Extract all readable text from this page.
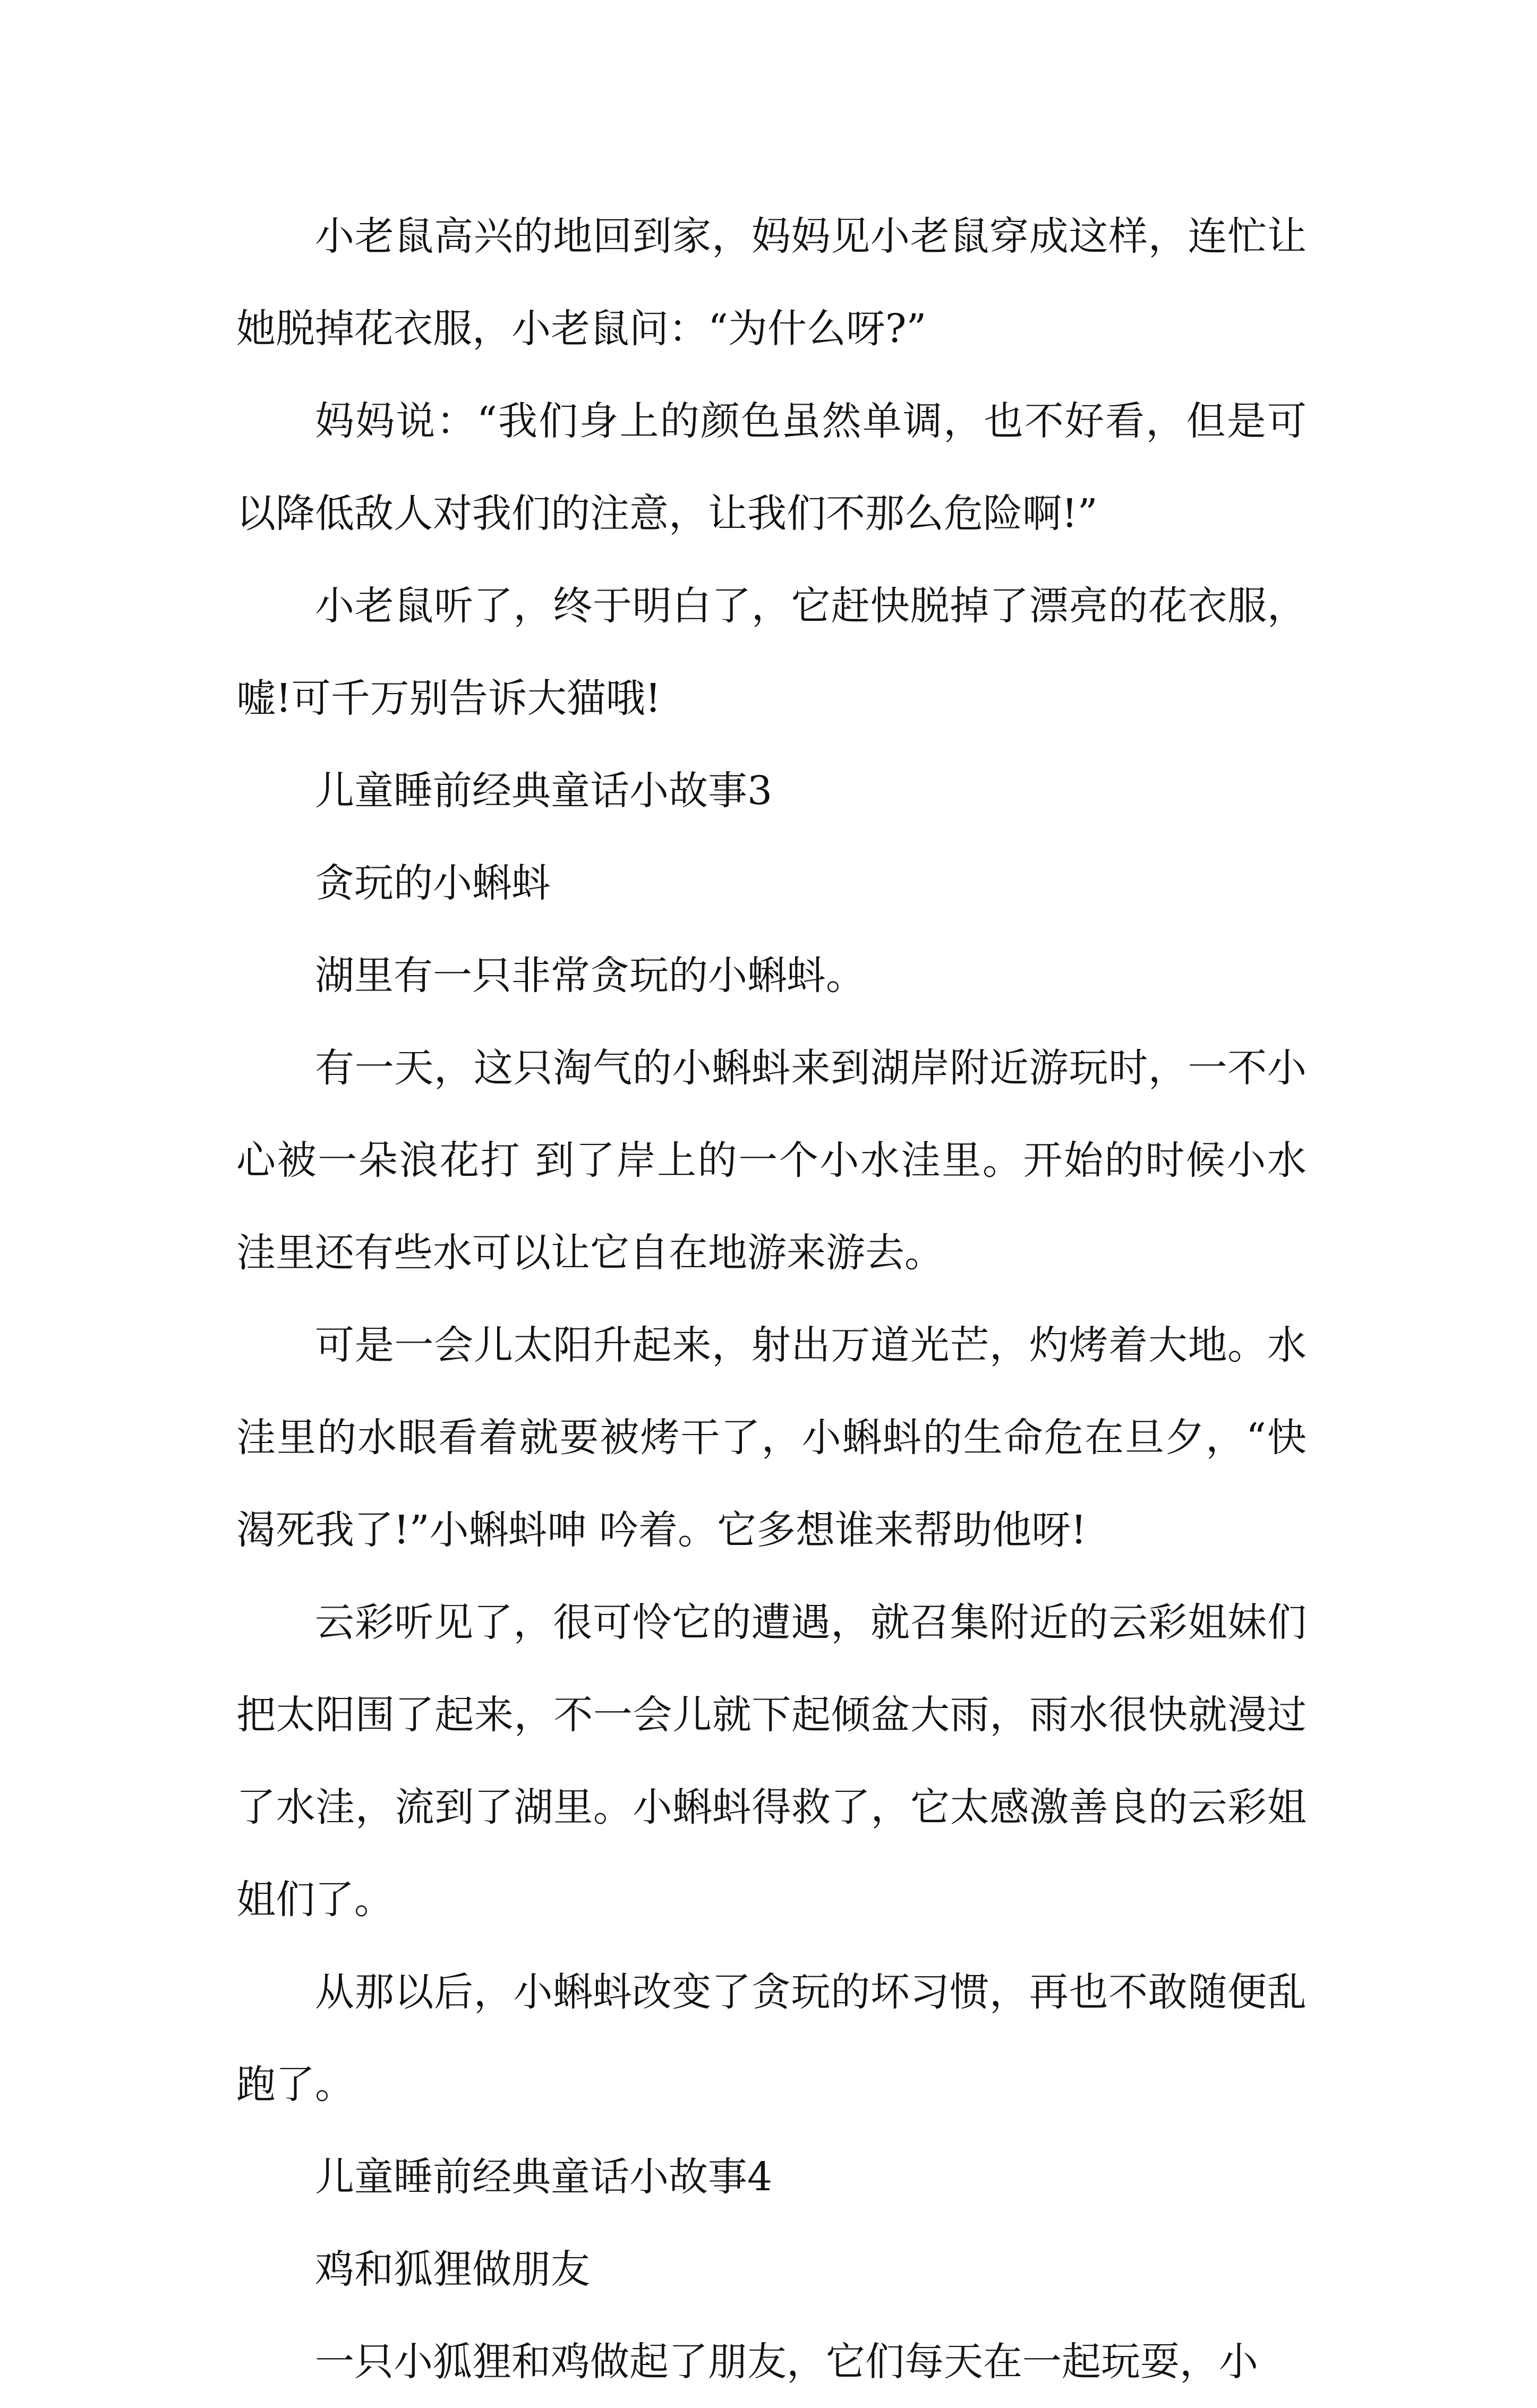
小老鼠高兴的地回到家，妈妈见小老鼠穿成这样，连忙让她脱掉花衣服，小老鼠问：“为什么呀?”

妈妈说：“我们身上的颜色虽然单调，也不好看，但是可以降低敌人对我们的注意，让我们不那么危险啊!”

小老鼠听了，终于明白了，它赶快脱掉了漂亮的花衣服，嘘!可千万别告诉大猫哦!

儿童睡前经典童话小故事3

贪玩的小蝌蚪

湖里有一只非常贪玩的小蝌蚪。

有一天，这只淘气的小蝌蚪来到湖岸附近游玩时，一不小心被一朵浪花打 到了岸上的一个小水洼里。开始的时候小水洼里还有些水可以让它自在地游来游去。

可是一会儿太阳升起来，射出万道光芒，灼烤着大地。水洼里的水眼看着就要被烤干了，小蝌蚪的生命危在旦夕，“快渴死我了!”小蝌蚪呻 吟着。它多想谁来帮助他呀!

云彩听见了，很可怜它的遭遇，就召集附近的云彩姐妹们把太阳围了起来，不一会儿就下起倾盆大雨，雨水很快就漫过了水洼，流到了湖里。小蝌蚪得救了，它太感激善良的云彩姐姐们了。

从那以后，小蝌蚪改变了贪玩的坏习惯，再也不敢随便乱跑了。

儿童睡前经典童话小故事4

鸡和狐狸做朋友

一只小狐狸和鸡做起了朋友，它们每天在一起玩耍，小
